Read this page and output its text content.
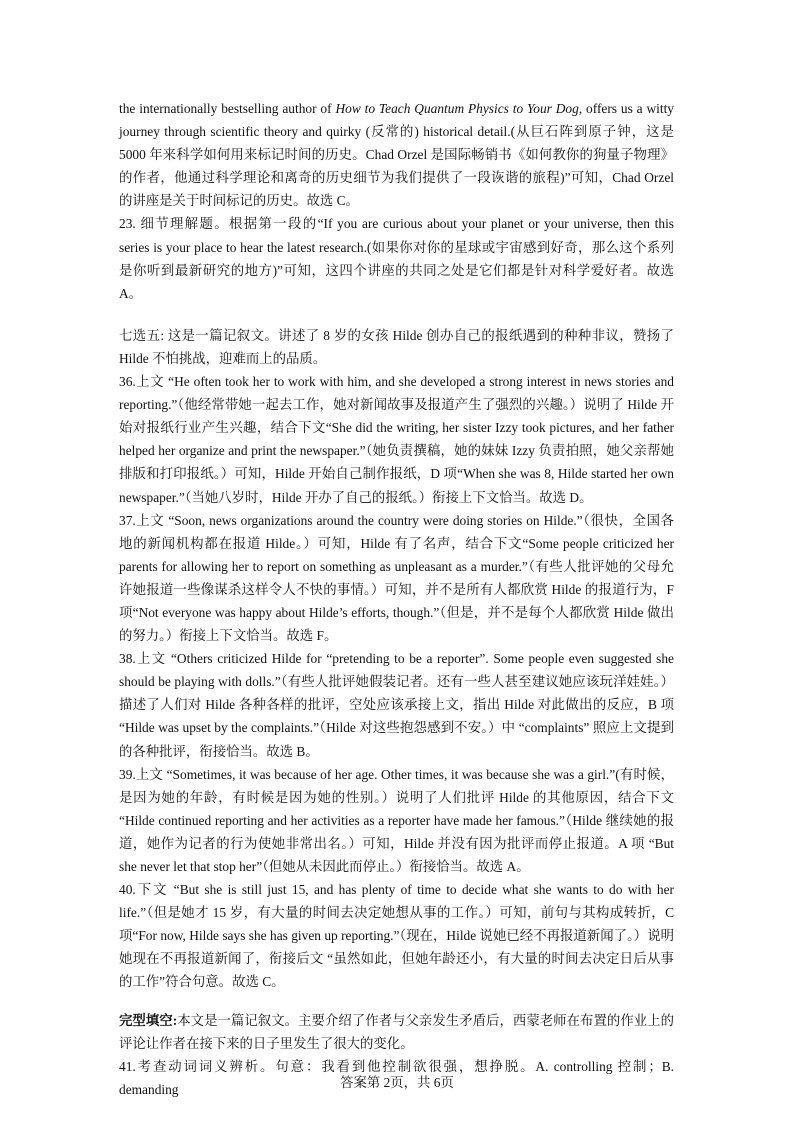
the internationally bestselling author of How to Teach Quantum Physics to Your Dog, offers us a witty journey through scientific theory and quirky (反常的) historical detail.(从巨石阵到原子钟，这是 5000 年来科学如何用来标记时间的历史。Chad Orzel 是国际畅销书《如何教你的狗量子物理》的作者，他通过科学理论和离奇的历史细节为我们提供了一段诙谐的旅程)”可知，Chad Orzel 的讲座是关于时间标记的历史。故选 C。

23. 细节理解题。根据第一段的“If you are curious about your planet or your universe, then this series is your place to hear the latest research.(如果你对你的星球或宇宙感到好奇，那么这个系列是你听到最新研究的地方)”可知，这四个讲座的共同之处是它们都是针对科学爱好者。故选 A。

七选五: 这是一篇记叙文。讲述了 8 岁的女孩 Hilde 创办自己的报纸遇到的种种非议，赞扬了 Hilde 不怕挑战，迎难而上的品质。

36.上文 “He often took her to work with him, and she developed a strong interest in news stories and reporting.”（他经常带她一起去工作，她对新闻故事及报道产生了强烈的兴趣。）说明了 Hilde 开始对报纸行业产生兴趣，结合下文“She did the writing, her sister Izzy took pictures, and her father helped her organize and print the newspaper.”（她负责撰稿，她的妹妹 Izzy 负责拍照，她父亲帮她排版和打印报纸。）可知，Hilde 开始自己制作报纸，D 项“When she was 8, Hilde started her own newspaper.”（当她八岁时，Hilde 开办了自己的报纸。）衔接上下文恰当。故选 D。

37.上文 “Soon, news organizations around the country were doing stories on Hilde.”（很快，全国各地的新闻机构都在报道 Hilde。）可知，Hilde 有了名声，结合下文“Some people criticized her parents for allowing her to report on something as unpleasant as a murder.”（有些人批评她的父母允许她报道一些像谋杀这样令人不快的事情。）可知，并不是所有人都欣赏 Hilde 的报道行为，F 项“Not everyone was happy about Hilde’s efforts, though.”（但是，并不是每个人都欣赏 Hilde 做出的努力。）衔接上下文恰当。故选 F。

38.上文 “Others criticized Hilde for “pretending to be a reporter”. Some people even suggested she should be playing with dolls.”（有些人批评她假装记者。还有一些人甚至建议她应该玩洋娃娃。）描述了人们对 Hilde 各种各样的批评，空处应该承接上文，指出 Hilde 对此做出的反应，B 项 “Hilde was upset by the complaints.”（Hilde 对这些抱怨感到不安。）中 “complaints” 照应上文提到的各种批评，衔接恰当。故选 B。

39.上文 “Sometimes, it was because of her age. Other times, it was because she was a girl.”(有时候，是因为她的年龄，有时候是因为她的性别。）说明了人们批评 Hilde 的其他原因，结合下文 “Hilde continued reporting and her activities as a reporter have made her famous.”（Hilde 继续她的报道，她作为记者的行为使她非常出名。）可知，Hilde 并没有因为批评而停止报道。A 项 “But she never let that stop her”（但她从未因此而停止。）衔接恰当。故选 A。

40.下文 “But she is still just 15, and has plenty of time to decide what she wants to do with her life.”（但是她才 15 岁，有大量的时间去决定她想从事的工作。）可知，前句与其构成转折，C 项“For now, Hilde says she has given up reporting.”（现在，Hilde 说她已经不再报道新闻了。）说明她现在不再报道新闻了，衔接后文 “虽然如此，但她年龄还小，有大量的时间去决定日后从事的工作”符合句意。故选 C。

完型填空:本文是一篇记叙文。主要介绍了作者与父亲发生矛盾后，西蒙老师在布置的作业上的评论让作者在接下来的日子里发生了很大的变化。

41.考查动词词义辨析。句意：我看到他控制欲很强，想挣脱。A. controlling 控制；B. demanding	答案第 2页，共 6页
